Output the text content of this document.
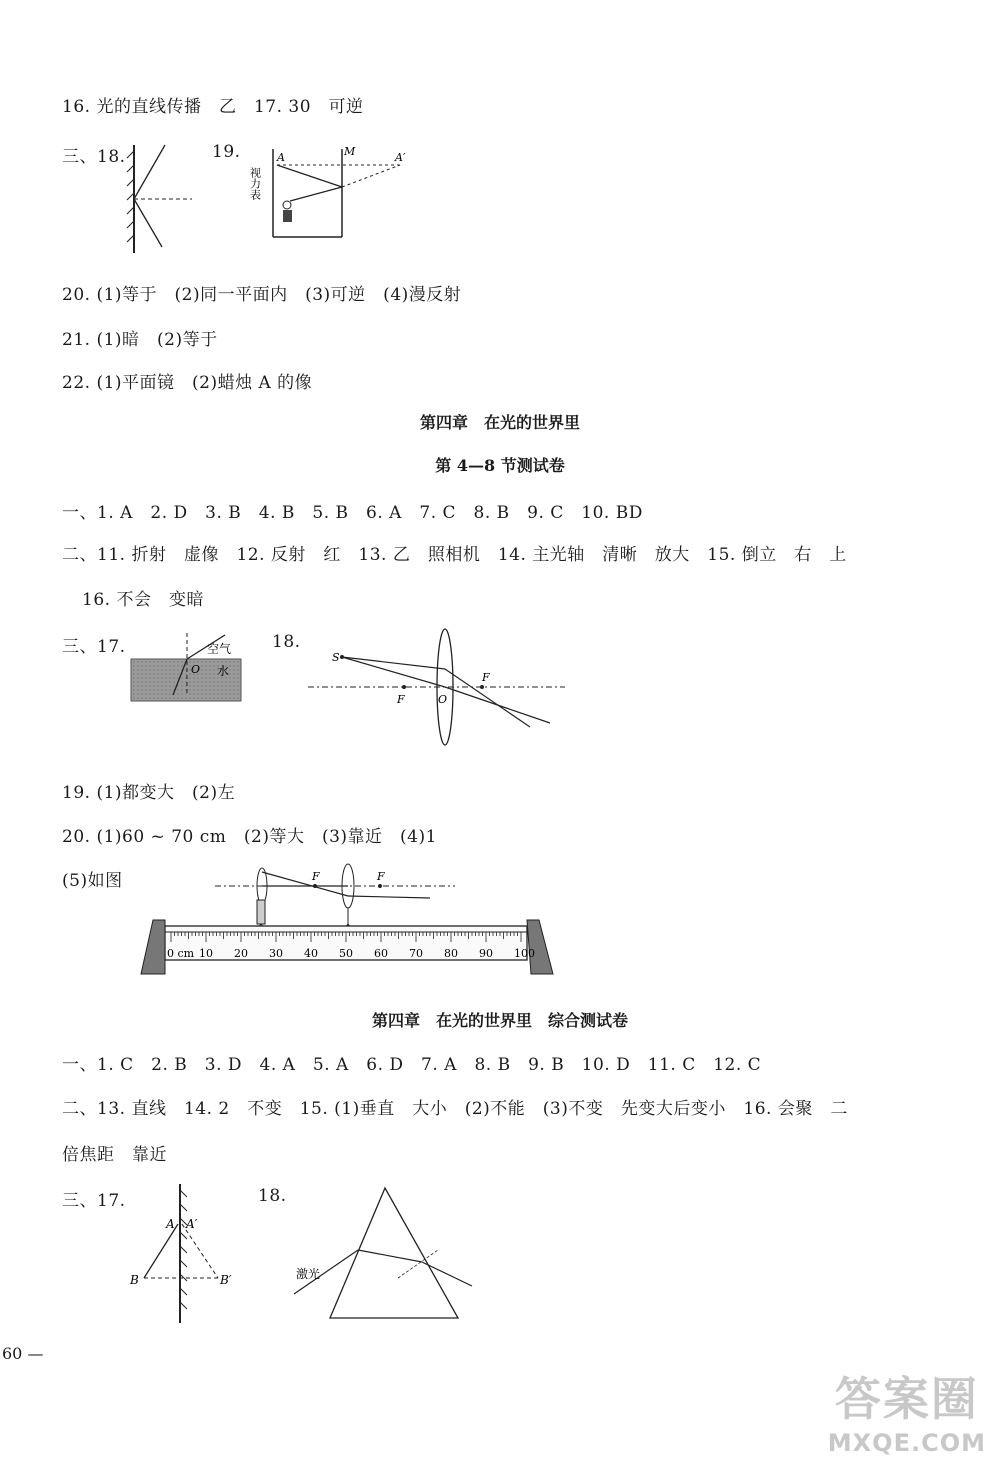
16. 光的直线传播　乙　17. 30　可逆
三、18.	19.
视力表
A	M	A′
20. (1)等于　(2)同一平面内　(3)可逆　(4)漫反射
21. (1)暗　(2)等于
22. (1)平面镜　(2)蜡烛 A 的像
第四章　在光的世界里
第 4—8 节测试卷
一、1. A　2. D　3. B　4. B　5. B　6. A　7. C　8. B　9. C　10. BD
二、11. 折射　虚像　12. 反射　红　13. 乙　照相机　14. 主光轴　清晰　放大　15. 倒立　右　上
16. 不会　变暗
三、17.
O
空气
水
18.
S
F
F
O
19. (1)都变大　(2)左
20. (1)60 ~ 70 cm　(2)等大　(3)靠近　(4)1
(5)如图	F	F
0 cm 10 20 30 40 50 60 70 80 90 100
第四章　在光的世界里　综合测试卷
一、1. C　2. B　3. D　4. A　5. A　6. D　7. A　8. B　9. B　10. D　11. C　12. C
二、13. 直线　14. 2　不变　15. (1)垂直　大小　(2)不能　(3)不变　先变大后变小　16. 会聚　二
倍焦距　靠近
三、17.
A A′
B	B′
18.
激光
60 —
答案圈
MXQE.COM
